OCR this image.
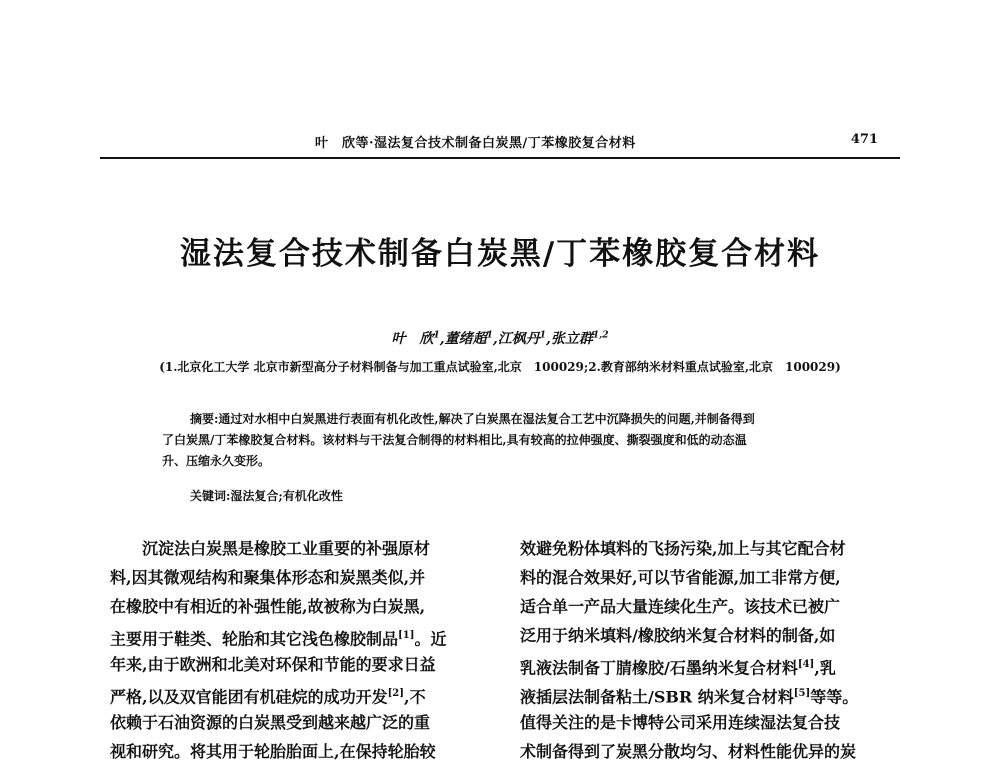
叶　欣等·湿法复合技术制备白炭黑/丁苯橡胶复合材料	471
湿法复合技术制备白炭黑/丁苯橡胶复合材料
叶　欣$^1$,董绪超$^1$,江枫丹$^1$,张立群$^{1,2}$
(1.北京化工大学 北京市新型高分子材料制备与加工重点试验室,北京　100029;2.教育部纳米材料重点试验室,北京　100029)
摘要:通过对水相中白炭黑进行表面有机化改性,解决了白炭黑在湿法复合工艺中沉降损失的问题,并制备得到
了白炭黑/丁苯橡胶复合材料。该材料与干法复合制得的材料相比,具有较高的拉伸强度、撕裂强度和低的动态温
升、压缩永久变形。
关键词:湿法复合;有机化改性
沉淀法白炭黑是橡胶工业重要的补强原材
料,因其微观结构和聚集体形态和炭黑类似,并
在橡胶中有相近的补强性能,故被称为白炭黑,
主要用于鞋类、轮胎和其它浅色橡胶制品[1]。近
年来,由于欧洲和北美对环保和节能的要求日益
严格,以及双官能团有机硅烷的成功开发[2],不
依赖于石油资源的白炭黑受到越来越广泛的重
视和研究。将其用于轮胎胎面上,在保持轮胎较
效避免粉体填料的飞扬污染,加上与其它配合材
料的混合效果好,可以节省能源,加工非常方便,
适合单一产品大量连续化生产。该技术已被广
泛用于纳米填料/橡胶纳米复合材料的制备,如
乳液法制备丁腈橡胶/石墨纳米复合材料[4],乳
液插层法制备粘土/SBR 纳米复合材料[5]等等。
值得关注的是卡博特公司采用连续湿法复合技
术制备得到了炭黑分散均匀、材料性能优异的炭
